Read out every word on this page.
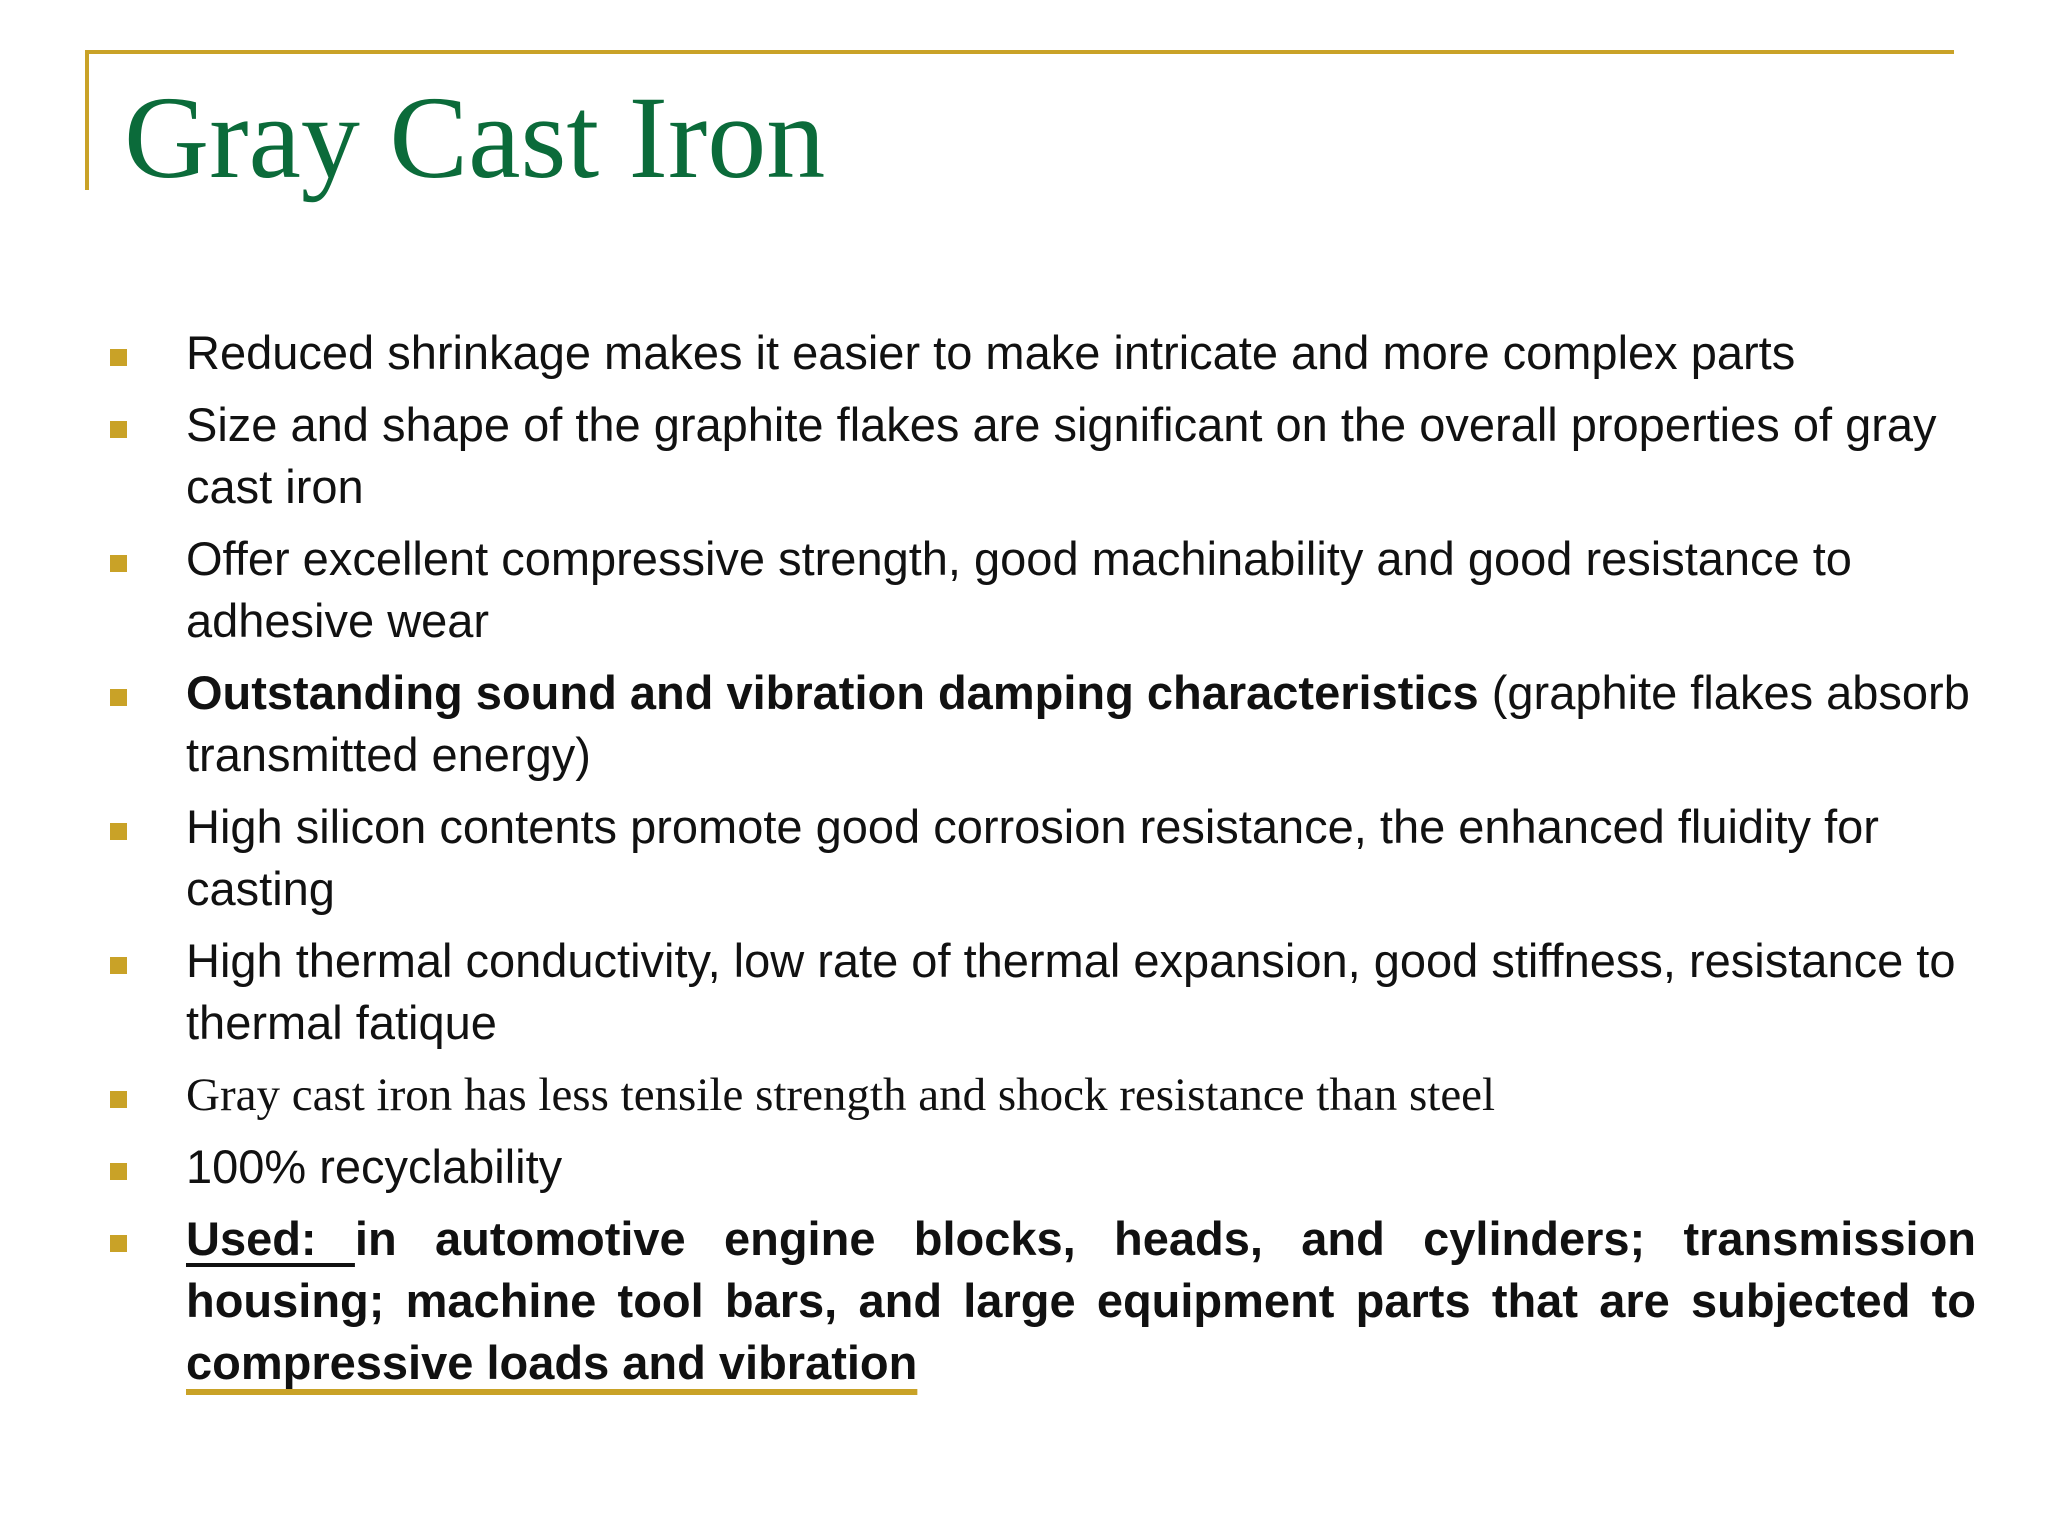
Gray Cast Iron
Reduced shrinkage makes it easier to make intricate and more complex parts
Size and shape of the graphite flakes are significant on the overall properties of gray cast iron
Offer excellent compressive strength, good machinability and good resistance to adhesive wear
Outstanding sound and vibration damping characteristics (graphite flakes absorb transmitted energy)
High silicon contents promote good corrosion resistance, the enhanced fluidity for casting
High thermal conductivity, low rate of thermal expansion, good stiffness, resistance to thermal fatique
Gray cast iron has less tensile strength and shock resistance than steel
100% recyclability
Used: in automotive engine blocks, heads, and cylinders; transmission housing; machine tool bars, and large equipment parts that are subjected to compressive loads and vibration
